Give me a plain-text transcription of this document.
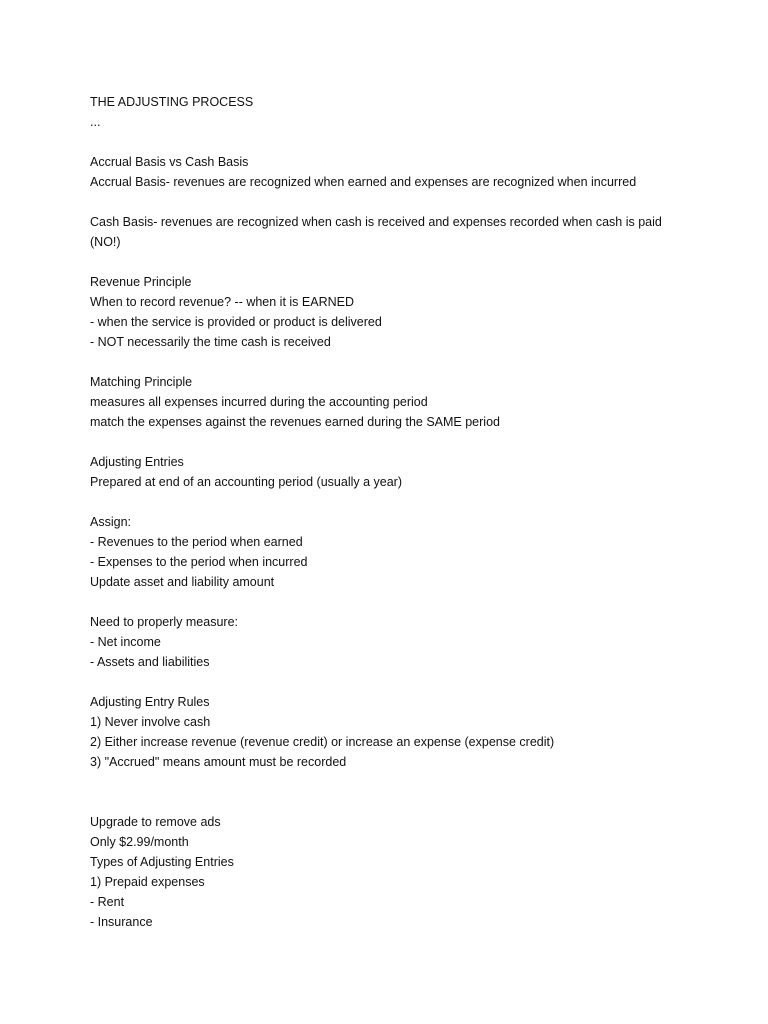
THE ADJUSTING PROCESS
...
Accrual Basis vs Cash Basis
Accrual Basis- revenues are recognized when earned and expenses are recognized when incurred
Cash Basis- revenues are recognized when cash is received and expenses recorded when cash is paid
(NO!)
Revenue Principle
When to record revenue? -- when it is EARNED
- when the service is provided or product is delivered
- NOT necessarily the time cash is received
Matching Principle
measures all expenses incurred during the accounting period
match the expenses against the revenues earned during the SAME period
Adjusting Entries
Prepared at end of an accounting period (usually a year)
Assign:
- Revenues to the period when earned
- Expenses to the period when incurred
Update asset and liability amount
Need to properly measure:
- Net income
- Assets and liabilities
Adjusting Entry Rules
1) Never involve cash
2) Either increase revenue (revenue credit) or increase an expense (expense credit)
3) "Accrued" means amount must be recorded
Upgrade to remove ads
Only $2.99/month
Types of Adjusting Entries
1) Prepaid expenses
- Rent
- Insurance
